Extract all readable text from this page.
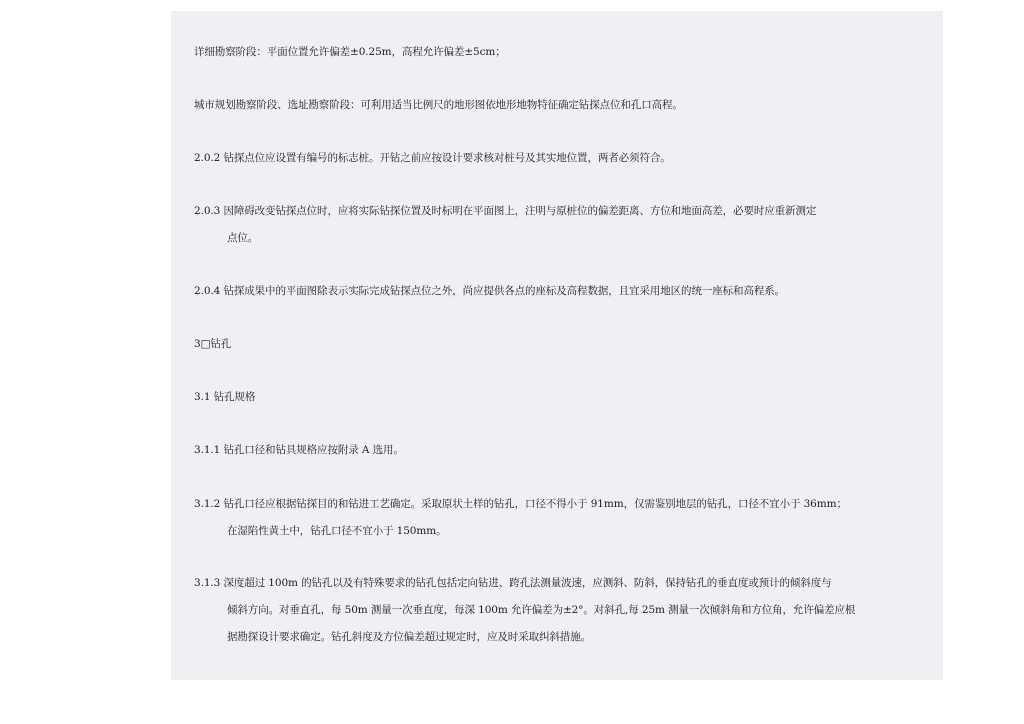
详细勘察阶段：平面位置允许偏差±0.25m，高程允许偏差±5cm；
城市规划勘察阶段、选址勘察阶段：可利用适当比例尺的地形图依地形地物特征确定钻探点位和孔口高程。
2.0.2 钻探点位应设置有编号的标志桩。开钻之前应按设计要求核对桩号及其实地位置，两者必须符合。
2.0.3 因障碍改变钻探点位时，应将实际钻探位置及时标明在平面图上，注明与原桩位的偏差距离、方位和地面高差，必要时应重新测定
点位。
2.0.4 钻探成果中的平面图除表示实际完成钻探点位之外，尚应提供各点的座标及高程数据，且宜采用地区的统一座标和高程系。
3□钻孔
3.1 钻孔规格
3.1.1 钻孔口径和钻具规格应按附录 A 选用。
3.1.2 钻孔口径应根据钻探目的和钻进工艺确定。采取原状土样的钻孔，口径不得小于 91mm，仅需鉴别地层的钻孔，口径不宜小于 36mm；
在湿陷性黄土中，钻孔口径不宜小于 150mm。
3.1.3 深度超过 100m 的钻孔以及有特殊要求的钻孔包括定向钻进、跨孔法测量波速，应测斜、防斜，保持钻孔的垂直度或预计的倾斜度与
倾斜方向。对垂直孔，每 50m 测量一次垂直度，每深 100m 允许偏差为±2°。对斜孔,每 25m 测量一次倾斜角和方位角，允许偏差应根
据勘探设计要求确定。钻孔斜度及方位偏差超过规定时，应及时采取纠斜措施。
